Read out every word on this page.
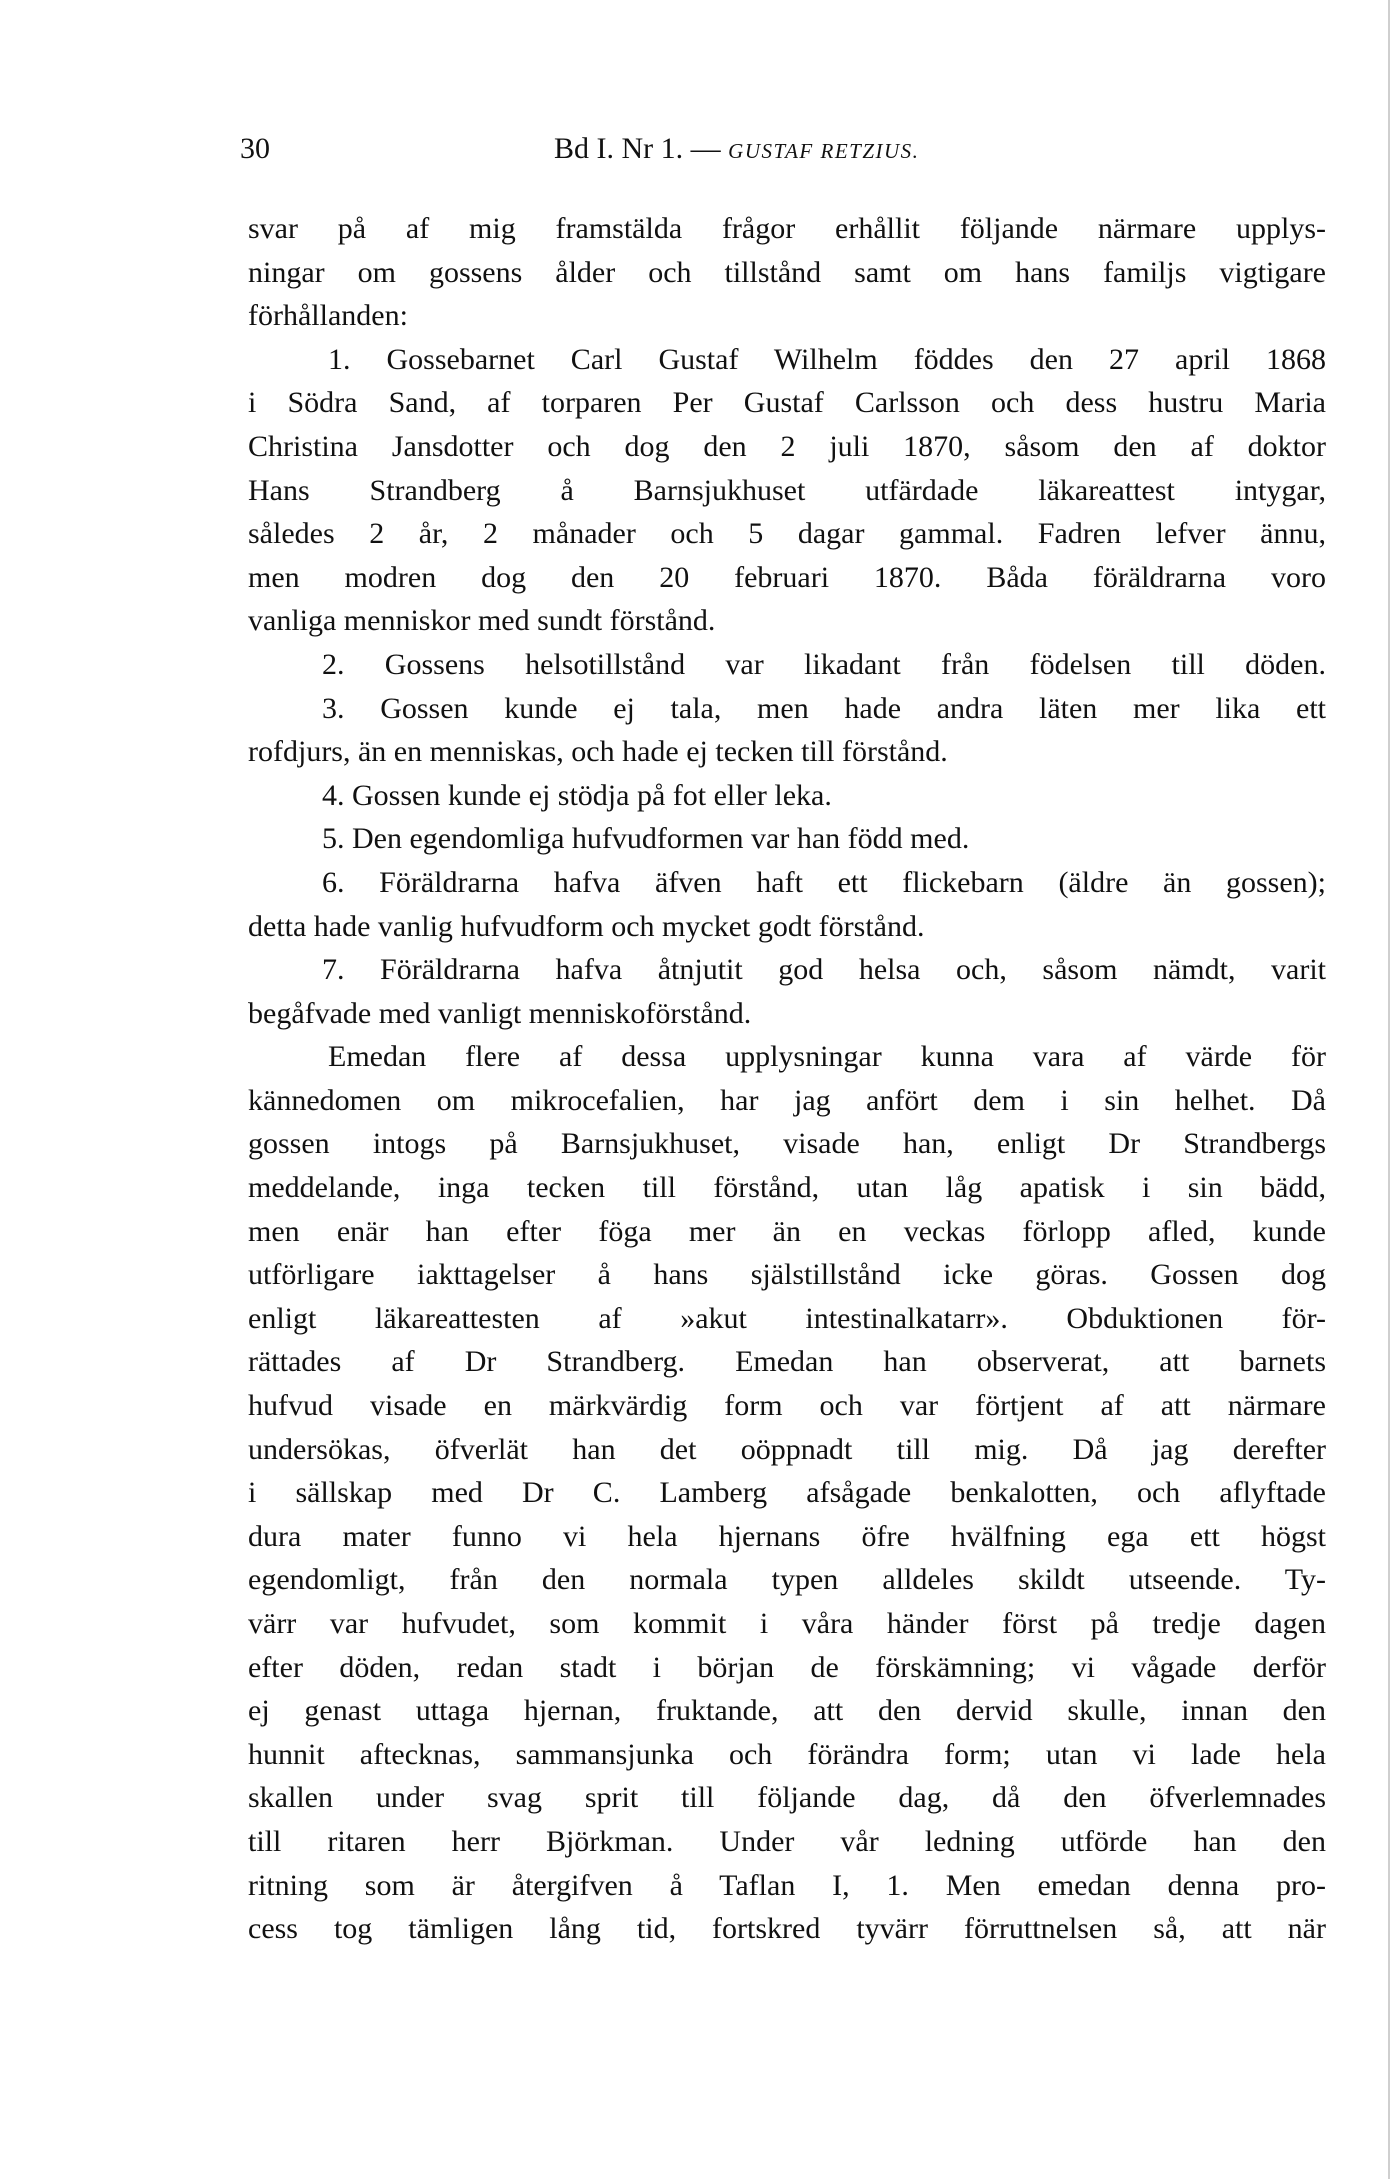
30	Bd I. Nr 1. — GUSTAF RETZIUS.
svar på af mig framstälda frågor erhållit följande närmare upplys-
ningar om gossens ålder och tillstånd samt om hans familjs vigtigare
förhållanden:
1. Gossebarnet Carl Gustaf Wilhelm föddes den 27 april 1868
i Södra Sand, af torparen Per Gustaf Carlsson och dess hustru Maria
Christina Jansdotter och dog den 2 juli 1870, såsom den af doktor
Hans Strandberg å Barnsjukhuset utfärdade läkareattest intygar,
således 2 år, 2 månader och 5 dagar gammal. Fadren lefver ännu,
men modren dog den 20 februari 1870. Båda föräldrarna voro
vanliga menniskor med sundt förstånd.
2. Gossens helsotillstånd var likadant från födelsen till döden.
3. Gossen kunde ej tala, men hade andra läten mer lika ett
rofdjurs, än en menniskas, och hade ej tecken till förstånd.
4. Gossen kunde ej stödja på fot eller leka.
5. Den egendomliga hufvudformen var han född med.
6. Föräldrarna hafva äfven haft ett flickebarn (äldre än gossen);
detta hade vanlig hufvudform och mycket godt förstånd.
7. Föräldrarna hafva åtnjutit god helsa och, såsom nämdt, varit
begåfvade med vanligt menniskoförstånd.
Emedan flere af dessa upplysningar kunna vara af värde för
kännedomen om mikrocefalien, har jag anfört dem i sin helhet. Då
gossen intogs på Barnsjukhuset, visade han, enligt Dr Strandbergs
meddelande, inga tecken till förstånd, utan låg apatisk i sin bädd,
men enär han efter föga mer än en veckas förlopp afled, kunde
utförligare iakttagelser å hans själstillstånd icke göras. Gossen dog
enligt läkareattesten af »akut intestinalkatarr». Obduktionen för-
rättades af Dr Strandberg. Emedan han observerat, att barnets
hufvud visade en märkvärdig form och var förtjent af att närmare
undersökas, öfverlät han det oöppnadt till mig. Då jag derefter
i sällskap med Dr C. Lamberg afsågade benkalotten, och aflyftade
dura mater funno vi hela hjernans öfre hvälfning ega ett högst
egendomligt, från den normala typen alldeles skildt utseende. Ty-
värr var hufvudet, som kommit i våra händer först på tredje dagen
efter döden, redan stadt i början de förskämning; vi vågade derför
ej genast uttaga hjernan, fruktande, att den dervid skulle, innan den
hunnit aftecknas, sammansjunka och förändra form; utan vi lade hela
skallen under svag sprit till följande dag, då den öfverlemnades
till ritaren herr Björkman. Under vår ledning utförde han den
ritning som är återgifven å Taflan I, 1. Men emedan denna pro-
cess tog tämligen lång tid, fortskred tyvärr förruttnelsen så, att när
